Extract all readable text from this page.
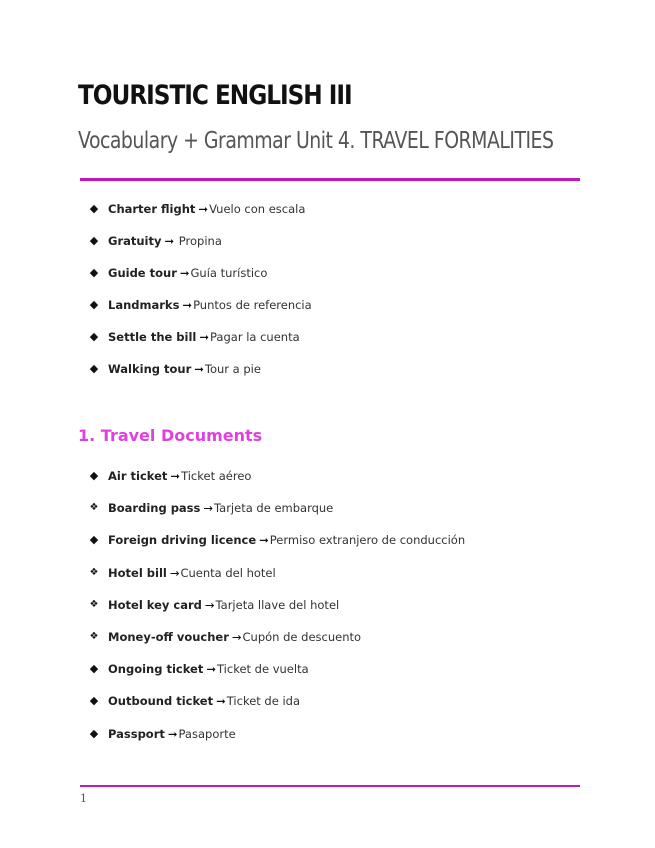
TOURISTIC ENGLISH III
Vocabulary + Grammar Unit 4. TRAVEL FORMALITIES
◆ Charter flight ➞Vuelo con escala
◆ Gratuity ➞ Propina
◆ Guide tour ➞Guía turístico
◆ Landmarks ➞Puntos de referencia
◆ Settle the bill ➞Pagar la cuenta
◆ Walking tour ➞Tour a pie
1. Travel Documents
◆ Air ticket ➞Ticket aéreo
❖ Boarding pass →Tarjeta de embarque
◆ Foreign driving licence ➞Permiso extranjero de conducción
❖ Hotel bill →Cuenta del hotel
❖ Hotel key card →Tarjeta llave del hotel
❖ Money-off voucher →Cupón de descuento
◆ Ongoing ticket ➞Ticket de vuelta
◆ Outbound ticket ➞Ticket de ida
◆ Passport ➞Pasaporte
1
